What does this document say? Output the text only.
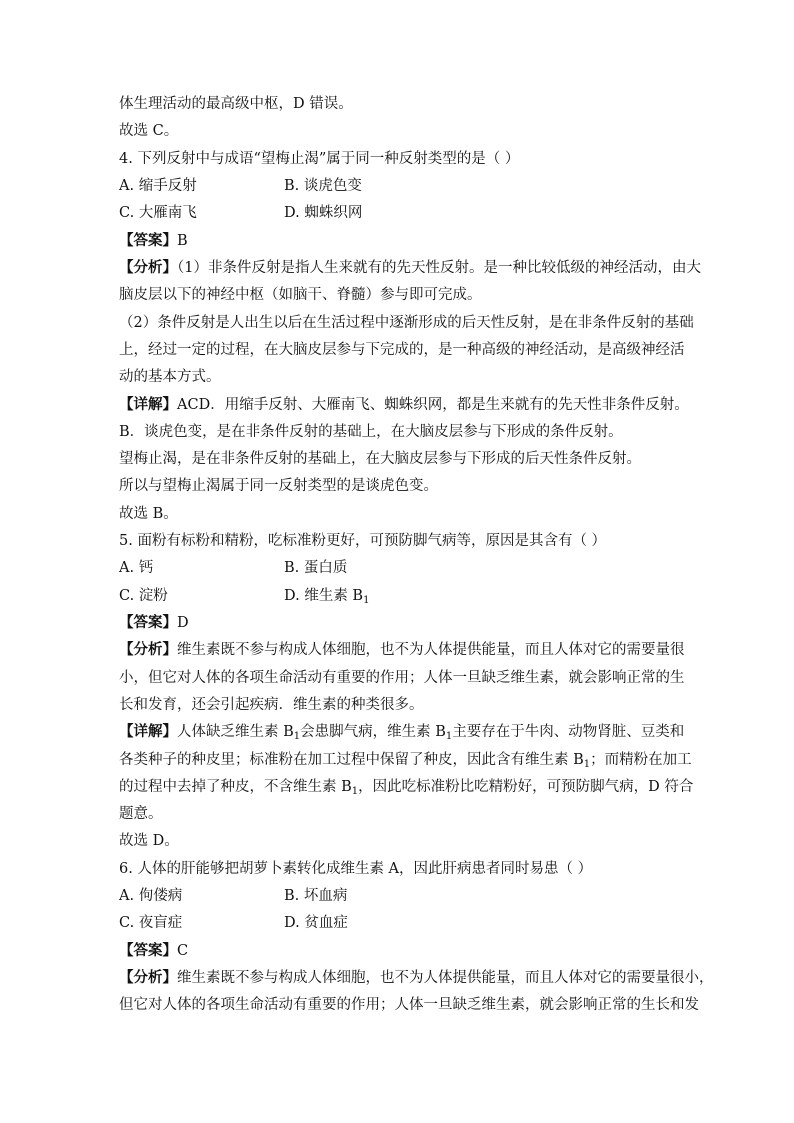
体生理活动的最高级中枢，D 错误。
故选 C。
4. 下列反射中与成语“望梅止渴”属于同一种反射类型的是（ ）
A. 缩手反射	B. 谈虎色变
C. 大雁南飞	D. 蜘蛛织网
【答案】B
【分析】（1）非条件反射是指人生来就有的先天性反射。是一种比较低级的神经活动，由大
脑皮层以下的神经中枢（如脑干、脊髓）参与即可完成。
（2）条件反射是人出生以后在生活过程中逐渐形成的后天性反射，是在非条件反射的基础
上，经过一定的过程，在大脑皮层参与下完成的，是一种高级的神经活动，是高级神经活
动的基本方式。
【详解】ACD．用缩手反射、大雁南飞、蜘蛛织网，都是生来就有的先天性非条件反射。
B．谈虎色变，是在非条件反射的基础上，在大脑皮层参与下形成的条件反射。
望梅止渴，是在非条件反射的基础上，在大脑皮层参与下形成的后天性条件反射。
所以与望梅止渴属于同一反射类型的是谈虎色变。
故选 B。
5. 面粉有标粉和精粉，吃标准粉更好，可预防脚气病等，原因是其含有（ ）
A. 钙	B. 蛋白质
C. 淀粉	D. 维生素 $B_1$
【答案】D
【分析】维生素既不参与构成人体细胞，也不为人体提供能量，而且人体对它的需要量很
小，但它对人体的各项生命活动有重要的作用；人体一旦缺乏维生素，就会影响正常的生
长和发育，还会引起疾病．维生素的种类很多。
【详解】人体缺乏维生素 $B_1$会患脚气病，维生素 $B_1$主要存在于牛肉、动物肾脏、豆类和
各类种子的种皮里；标准粉在加工过程中保留了种皮，因此含有维生素 $B_1$；而精粉在加工
的过程中去掉了种皮，不含维生素 $B_1$，因此吃标准粉比吃精粉好，可预防脚气病，D 符合
题意。
故选 D。
6. 人体的肝能够把胡萝卜素转化成维生素 A，因此肝病患者同时易患（ ）
A. 佝偻病	B. 坏血病
C. 夜盲症	D. 贫血症
【答案】C
【分析】维生素既不参与构成人体细胞，也不为人体提供能量，而且人体对它的需要量很小，
但它对人体的各项生命活动有重要的作用；人体一旦缺乏维生素，就会影响正常的生长和发
